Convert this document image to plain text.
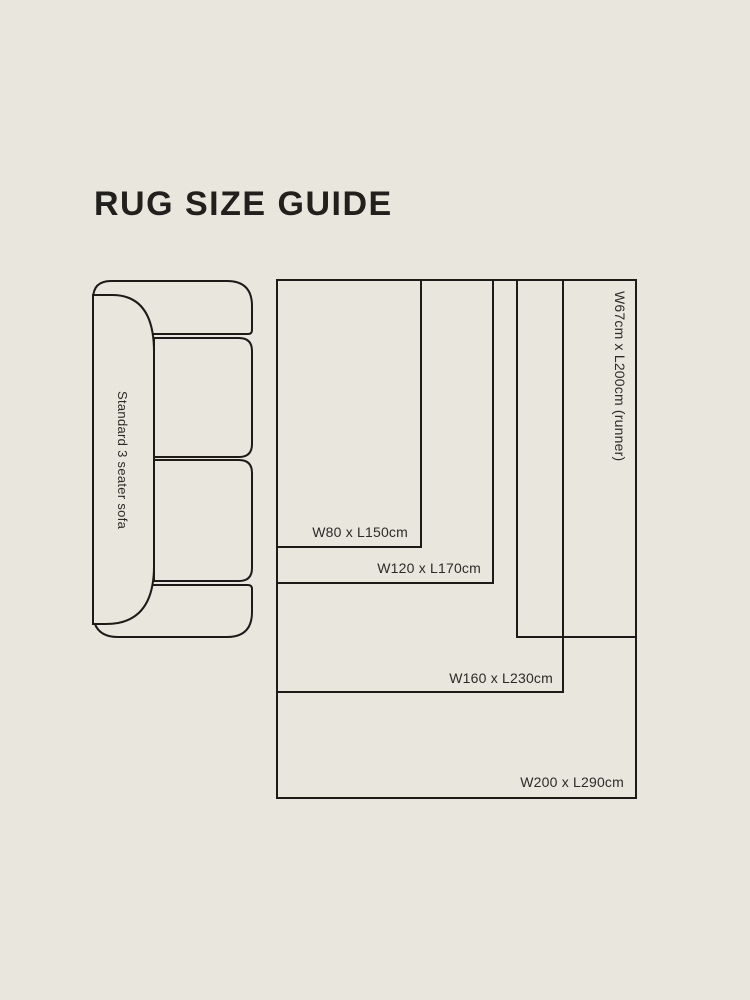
RUG SIZE GUIDE
Standard 3 seater sofa
W200 x L290cm
W160 x L230cm
W120 x L170cm
W80 x L150cm
W67cm x L200cm (runner)
